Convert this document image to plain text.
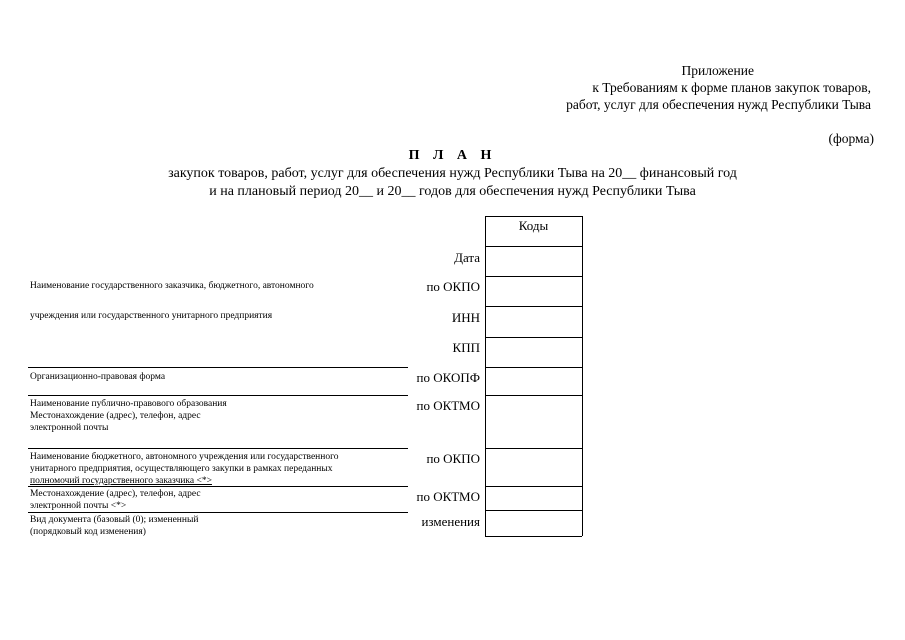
Приложение
к Требованиям к форме планов закупок товаров,
работ, услуг для обеспечения нужд Республики Тыва
(форма)
П Л А Н
закупок товаров, работ, услуг для обеспечения нужд Республики Тыва на 20__ финансовый год
и на плановый период 20__ и 20__ годов для обеспечения нужд Республики Тыва
Коды
Дата
по ОКПО
ИНН
КПП
по ОКОПФ
по ОКТМО
по ОКПО
по ОКТМО
изменения
Наименование государственного заказчика, бюджетного, автономного
учреждения или государственного унитарного предприятия
Организационно-правовая форма
Наименование публично-правового образования
Местонахождение (адрес), телефон, адрес
электронной почты
Наименование бюджетного, автономного учреждения или государственного
унитарного предприятия, осуществляющего закупки в рамках переданных
полномочий государственного заказчика <*>
Местонахождение (адрес), телефон, адрес
электронной почты <*>
Вид документа (базовый (0); измененный
(порядковый код изменения)
